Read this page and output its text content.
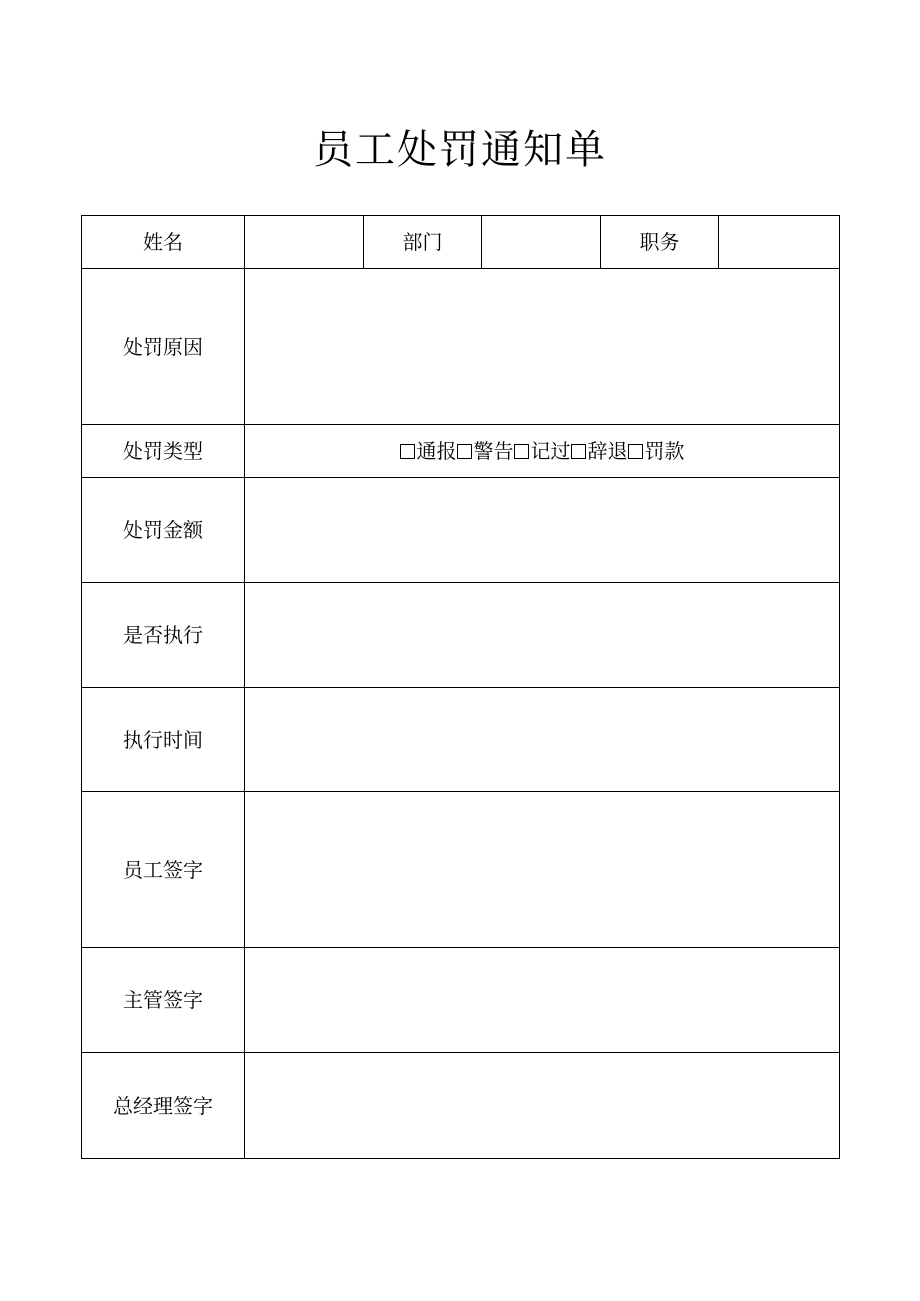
员工处罚通知单
姓名		部门		职务	
处罚原因					
处罚类型	通报 警告 记过 辞退 罚款				
处罚金额					
是否执行					
执行时间					
员工签字					
主管签字					
总经理签字					
